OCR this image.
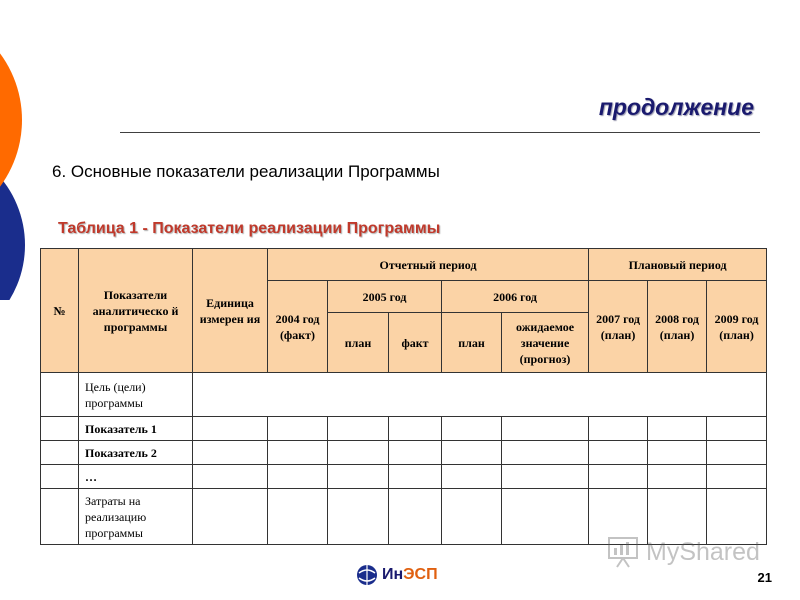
продолжение
6. Основные показатели реализации Программы
Таблица 1 - Показатели реализации Программы
№	Показатели аналитическо й программы	Единица измерен ия	Отчетный период					Плановый период		
			2004 год (факт)	2005 год		2006 год		2007 год (план)	2008 год (план)	2009 год (план)
				план	факт	план	ожидаемое значение (прогноз)			
	Цель (цели) программы									
	Показатель 1									
	Показатель 2									
	…									
	Затраты на реализацию программы									
ИнЭСП
MyShared
21
